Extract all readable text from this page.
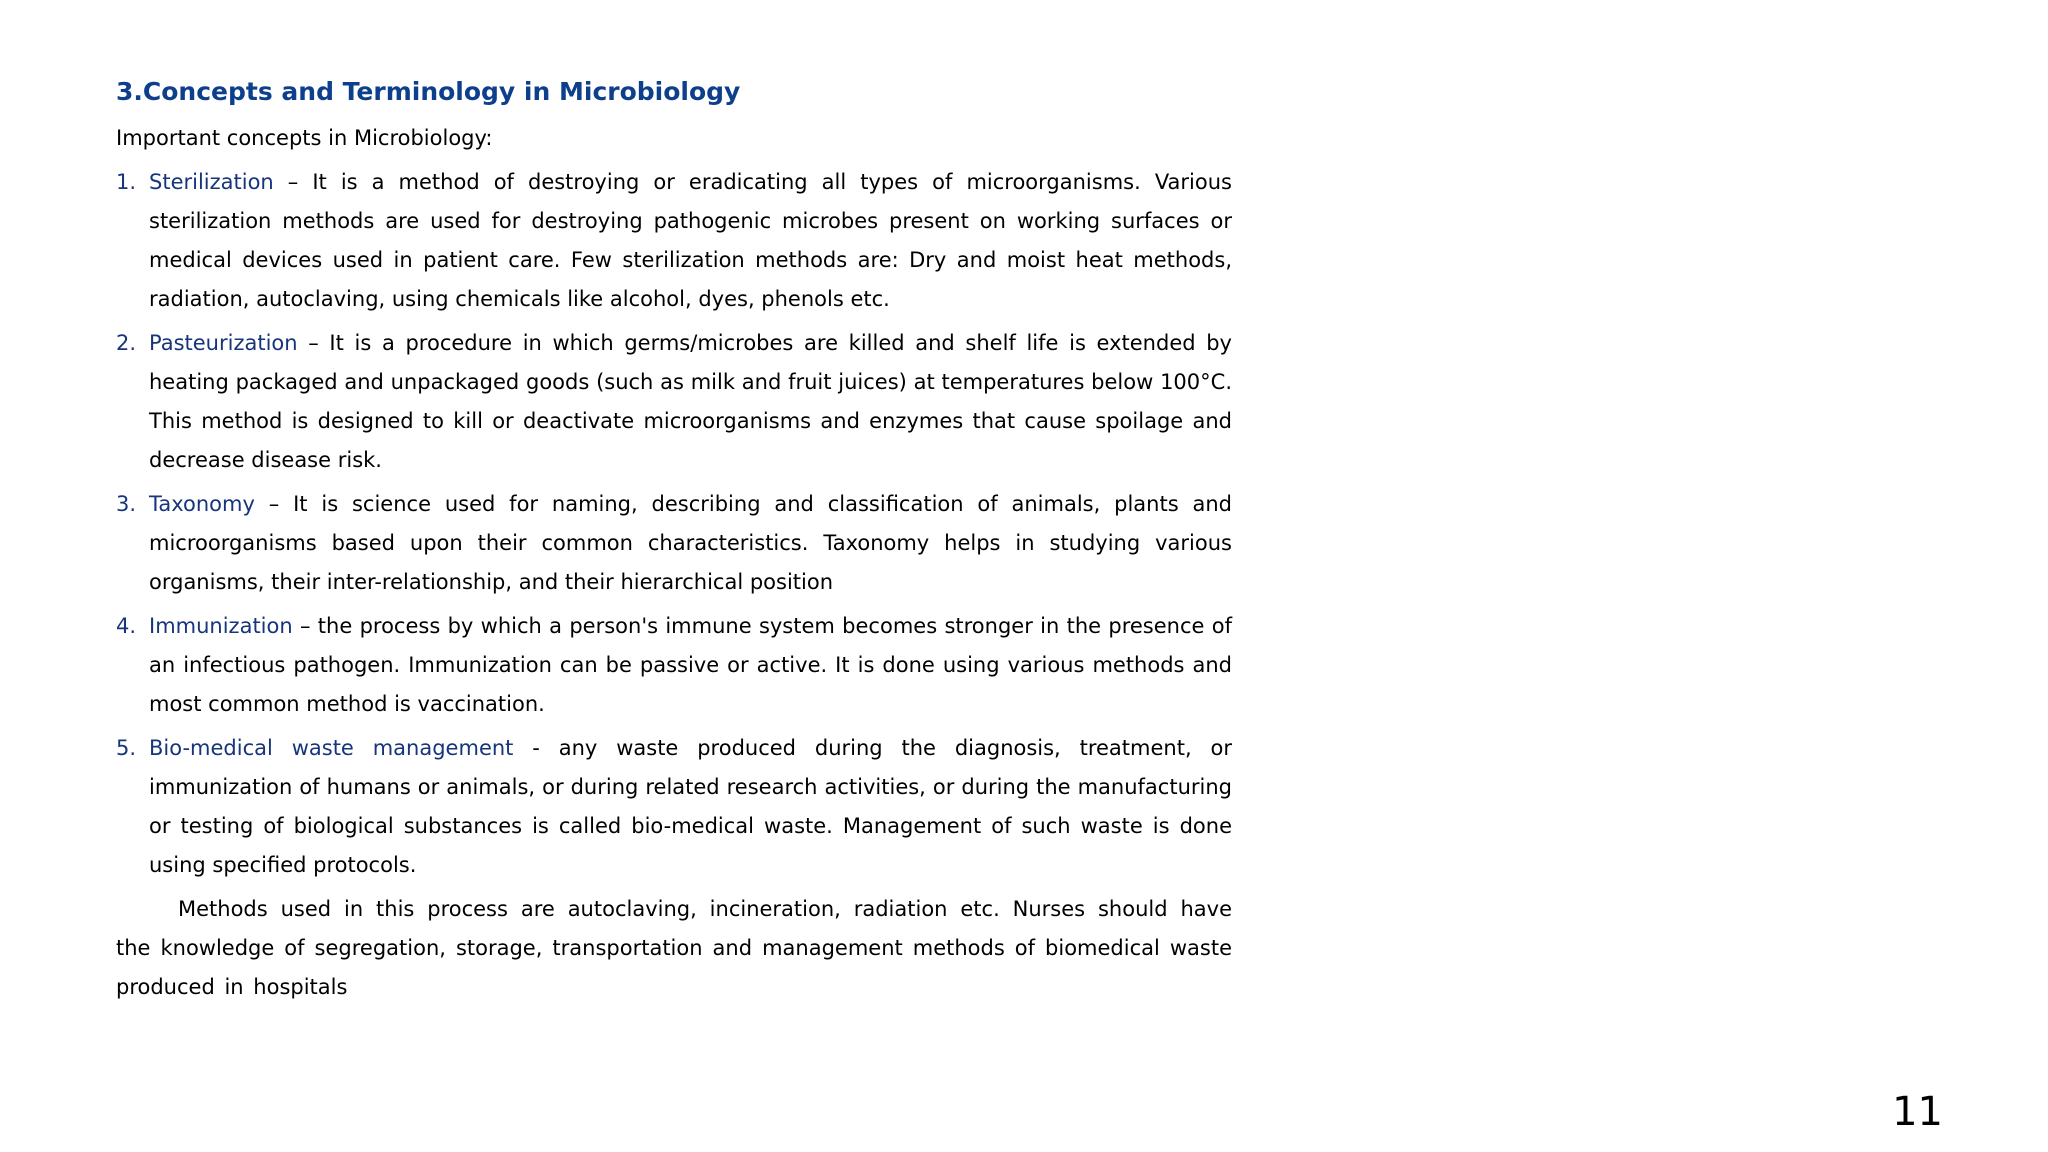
3.Concepts and Terminology in Microbiology
Important concepts in Microbiology:
1. Sterilization – It is a method of destroying or eradicating all types of microorganisms. Various sterilization methods are used for destroying pathogenic microbes present on working surfaces or medical devices used in patient care. Few sterilization methods are: Dry and moist heat methods, radiation, autoclaving, using chemicals like alcohol, dyes, phenols etc.
2. Pasteurization – It is a procedure in which germs/microbes are killed and shelf life is extended by heating packaged and unpackaged goods (such as milk and fruit juices) at temperatures below 100°C. This method is designed to kill or deactivate microorganisms and enzymes that cause spoilage and decrease disease risk.
3. Taxonomy – It is science used for naming, describing and classification of animals, plants and microorganisms based upon their common characteristics. Taxonomy helps in studying various organisms, their inter-relationship, and their hierarchical position
4. Immunization – the process by which a person's immune system becomes stronger in the presence of an infectious pathogen. Immunization can be passive or active. It is done using various methods and most common method is vaccination.
5. Bio-medical waste management - any waste produced during the diagnosis, treatment, or immunization of humans or animals, or during related research activities, or during the manufacturing or testing of biological substances is called bio-medical waste. Management of such waste is done using specified protocols.

Methods used in this process are autoclaving, incineration, radiation etc. Nurses should have the knowledge of segregation, storage, transportation and management methods of biomedical waste produced in hospitals

11
